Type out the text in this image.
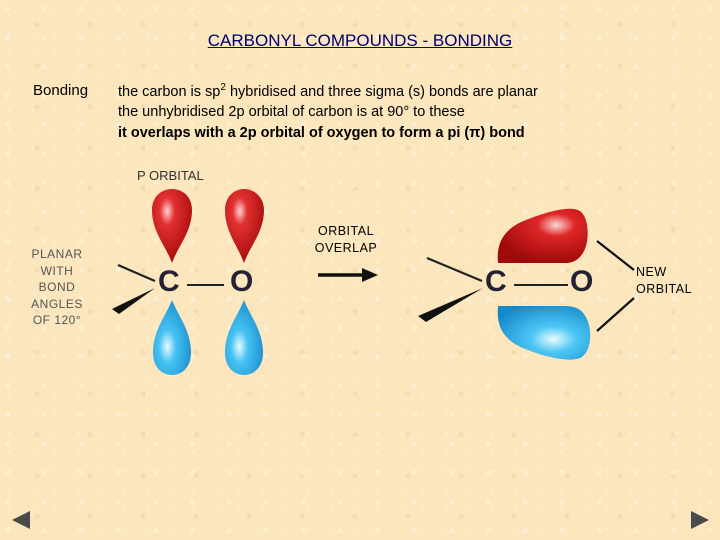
CARBONYL COMPOUNDS - BONDING
Bonding the carbon is $sp^2$ hybridised and three sigma (s) bonds are planar
the unhybridised 2p orbital of carbon is at 90° to these
it overlaps with a 2p orbital of oxygen to form a pi (π) bond
P ORBITAL
PLANAR
WITH
BOND
ANGLES
OF 120°
ORBITAL
OVERLAP
NEW
ORBITAL
C O	C O
